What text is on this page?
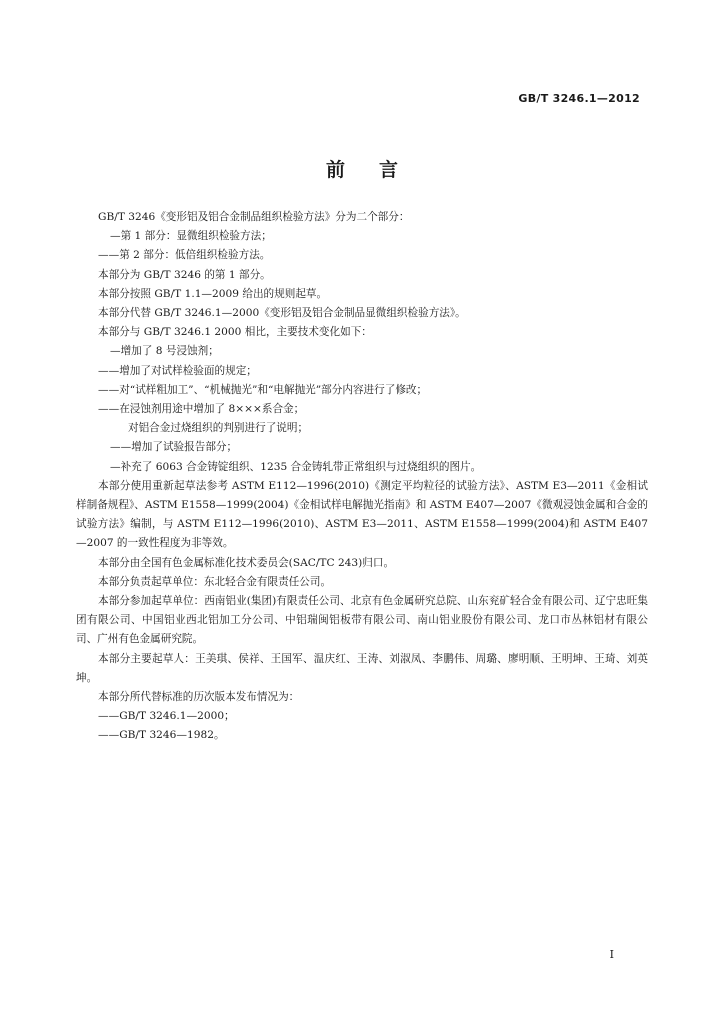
GB/T 3246.1—2012
前言

GB/T 3246《变形铝及铝合金制品组织检验方法》分为二个部分：

—第 1 部分：显微组织检验方法；

——第 2 部分：低倍组织检验方法。

本部分为 GB/T 3246 的第 1 部分。

本部分按照 GB/T 1.1—2009 给出的规则起草。

本部分代替 GB/T 3246.1—2000《变形铝及铝合金制品显微组织检验方法》。

本部分与 GB/T 3246.1 2000 相比，主要技术变化如下：

—增加了 8 号浸蚀剂；

——增加了对试样检验面的规定；

——对“试样粗加工”、“机械抛光”和“电解抛光”部分内容进行了修改；

——在浸蚀剂用途中增加了 8×××系合金；

对铝合金过烧组织的判别进行了说明；

——增加了试验报告部分；

—补充了 6063 合金铸锭组织、1235 合金铸轧带正常组织与过烧组织的图片。

本部分使用重新起草法参考 ASTM E112—1996(2010)《测定平均粒径的试验方法》、ASTM E3—2011《金相试样制备规程》、ASTM E1558—1999(2004)《金相试样电解抛光指南》和 ASTM E407—2007《微观浸蚀金属和合金的试验方法》编制，与 ASTM E112—1996(2010)、ASTM E3—2011、ASTM E1558—1999(2004)和 ASTM E407—2007 的一致性程度为非等效。

本部分由全国有色金属标准化技术委员会(SAC/TC 243)归口。

本部分负责起草单位：东北轻合金有限责任公司。

本部分参加起草单位：西南铝业(集团)有限责任公司、北京有色金属研究总院、山东兖矿轻合金有限公司、辽宁忠旺集团有限公司、中国铝业西北铝加工分公司、中铝瑞闽铝板带有限公司、南山铝业股份有限公司、龙口市丛林铝材有限公司、广州有色金属研究院。

本部分主要起草人：王美琪、侯祥、王国军、温庆红、王涛、刘淑凤、李鹏伟、周璐、廖明顺、王明坤、王琦、刘英坤。

本部分所代替标准的历次版本发布情况为：

——GB/T 3246.1—2000；

——GB/T 3246—1982。

I
